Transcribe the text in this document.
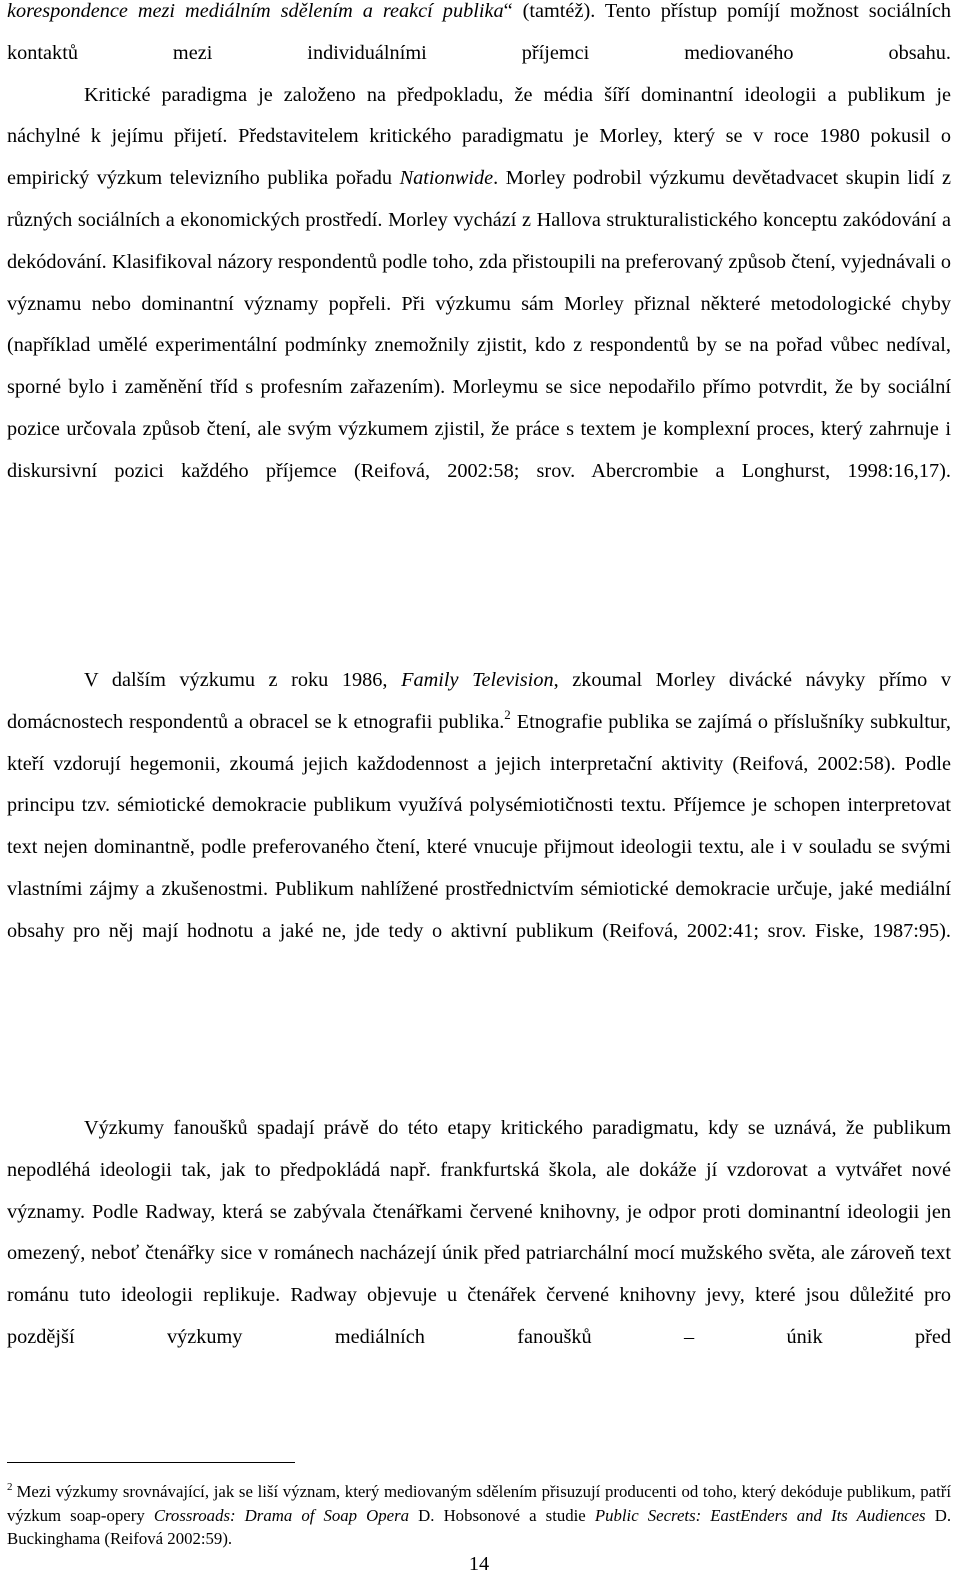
korespondence mezi mediálním sdělením a reakcí publika“ (tamtéž). Tento přístup pomíjí možnost sociálních kontaktů mezi individuálními příjemci mediovaného obsahu.
Kritické paradigma je založeno na předpokladu, že média šíří dominantní ideologii a publikum je náchylné k jejímu přijetí. Představitelem kritického paradigmatu je Morley, který se v roce 1980 pokusil o empirický výzkum televizního publika pořadu Nationwide. Morley podrobil výzkumu devětadvacet skupin lidí z různých sociálních a ekonomických prostředí. Morley vychází z Hallova strukturalistického konceptu zakódování a dekódování. Klasifikoval názory respondentů podle toho, zda přistoupili na preferovaný způsob čtení, vyjednávali o významu nebo dominantní významy popřeli. Při výzkumu sám Morley přiznal některé metodologické chyby (například umělé experimentální podmínky znemožnily zjistit, kdo z respondentů by se na pořad vůbec nedíval, sporné bylo i zaměnění tříd s profesním zařazením). Morleymu se sice nepodařilo přímo potvrdit, že by sociální pozice určovala způsob čtení, ale svým výzkumem zjistil, že práce s textem je komplexní proces, který zahrnuje i diskursivní pozici každého příjemce (Reifová, 2002:58; srov. Abercrombie a Longhurst, 1998:16,17).

V dalším výzkumu z roku 1986, Family Television, zkoumal Morley divácké návyky přímo v domácnostech respondentů a obracel se k etnografii publika.$^2$ Etnografie publika se zajímá o příslušníky subkultur, kteří vzdorují hegemonii, zkoumá jejich každodennost a jejich interpretační aktivity (Reifová, 2002:58). Podle principu tzv. sémiotické demokracie publikum využívá polysémiotičnosti textu. Příjemce je schopen interpretovat text nejen dominantně, podle preferovaného čtení, které vnucuje přijmout ideologii textu, ale i v souladu se svými vlastními zájmy a zkušenostmi. Publikum nahlížené prostřednictvím sémiotické demokracie určuje, jaké mediální obsahy pro něj mají hodnotu a jaké ne, jde tedy o aktivní publikum (Reifová, 2002:41; srov. Fiske, 1987:95).

Výzkumy fanoušků spadají právě do této etapy kritického paradigmatu, kdy se uznává, že publikum nepodléhá ideologii tak, jak to předpokládá např. frankfurtská škola, ale dokáže jí vzdorovat a vytvářet nové významy. Podle Radway, která se zabývala čtenářkami červené knihovny, je odpor proti dominantní ideologii jen omezený, neboť čtenářky sice v románech nacházejí únik před patriarchální mocí mužského světa, ale zároveň text románu tuto ideologii replikuje. Radway objevuje u čtenářek červené knihovny jevy, které jsou důležité pro pozdější výzkumy mediálních fanoušků – únik před

$^2$ Mezi výzkumy srovnávající, jak se liší význam, který mediovaným sdělením přisuzují producenti od toho, který dekóduje publikum, patří výzkum soap-opery Crossroads: Drama of Soap Opera D. Hobsonové a studie Public Secrets: EastEnders and Its Audiences D. Buckinghama (Reifová 2002:59).

14
